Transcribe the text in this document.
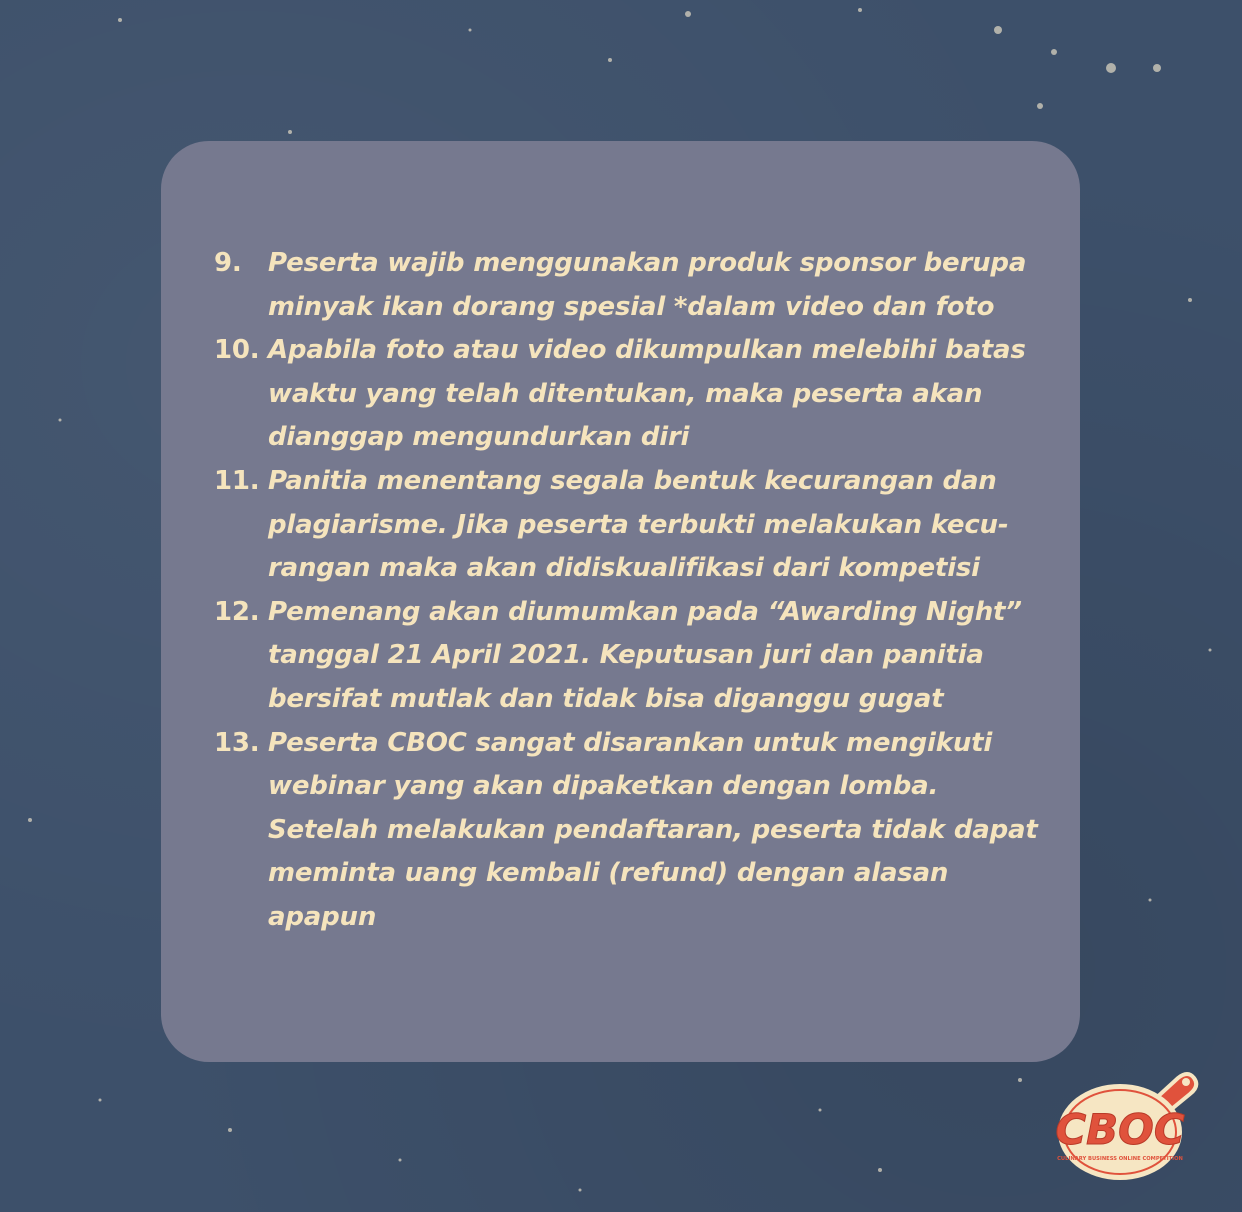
9.	Peserta wajib menggunakan produk sponsor berupa minyak ikan dorang spesial *dalam video dan foto
10. Apabila foto atau video dikumpulkan melebihi batas waktu yang telah ditentukan, maka peserta akan dianggap mengundurkan diri
11. Panitia menentang segala bentuk kecurangan dan plagiarisme. Jika peserta terbukti melakukan kecu-rangan maka akan didiskualifikasi dari kompetisi
12. Pemenang akan diumumkan pada “Awarding Night” tanggal 21 April 2021. Keputusan juri dan panitia bersifat mutlak dan tidak bisa diganggu gugat
13. Peserta CBOC sangat disarankan untuk mengikuti webinar yang akan dipaketkan dengan lomba. Setelah melakukan pendaftaran, peserta tidak dapat meminta uang kembali (refund) dengan alasan apapun
CBOC
CULINARY BUSINESS ONLINE COMPETITION
